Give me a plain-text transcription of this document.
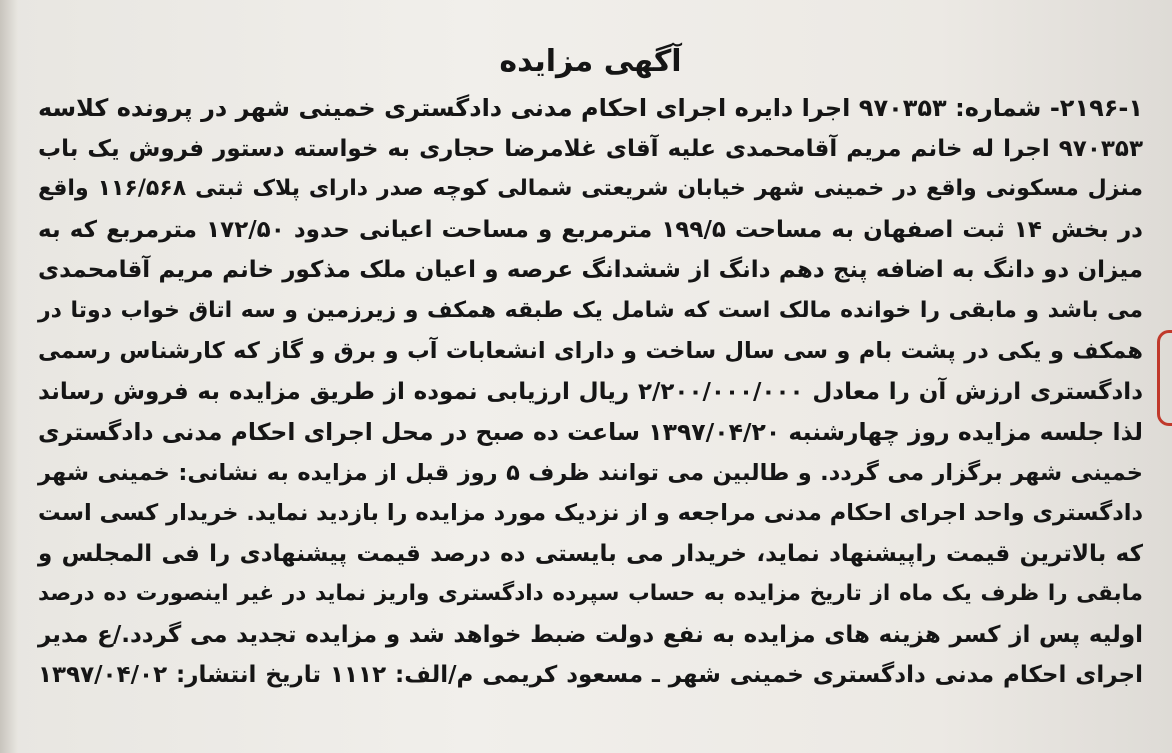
آگهی مزایده
۲۱۹۶-۱- شماره: ۹۷۰۳۵۳ اجرا دایره اجرای احکام مدنی دادگستری خمینی شهر در پرونده کلاسه
۹۷۰۳۵۳ اجرا له خانم مریم آقامحمدی علیه آقای غلامرضا حجاری به خواسته دستور فروش یک باب
منزل مسکونی واقع در خمینی شهر خیابان شریعتی شمالی کوچه صدر دارای پلاک ثبتی ۱۱۶/۵۶۸ واقع
در بخش ۱۴ ثبت اصفهان به مساحت ۱۹۹/۵ مترمربع و مساحت اعیانی حدود ۱۷۲/۵۰ مترمربع که به
میزان دو دانگ به اضافه پنج دهم دانگ از ششدانگ عرصه و اعیان ملک مذکور خانم مریم آقامحمدی
می باشد و مابقی را خوانده مالک است که شامل یک طبقه همکف و زیرزمین و سه اتاق خواب دوتا در
همکف و یکی در پشت بام و سی سال ساخت و دارای انشعابات آب و برق و گاز که کارشناس رسمی
دادگستری ارزش آن را معادل ۲/۲۰۰/۰۰۰/۰۰۰ ریال ارزیابی نموده از طریق مزایده به فروش رساند
لذا جلسه مزایده روز چهارشنبه ۱۳۹۷/۰۴/۲۰ ساعت ده صبح در محل اجرای احکام مدنی دادگستری
خمینی شهر برگزار می گردد. و طالبین می توانند ظرف ۵ روز قبل از مزایده به نشانی: خمینی شهر
دادگستری واحد اجرای احکام مدنی مراجعه و از نزدیک مورد مزایده را بازدید نماید. خریدار کسی است
که بالاترین قیمت راپیشنهاد نماید، خریدار می بایستی ده درصد قیمت پیشنهادی را فی المجلس و
مابقی را ظرف یک ماه از تاریخ مزایده به حساب سپرده دادگستری واریز نماید در غیر اینصورت ده درصد
اولیه پس از کسر هزینه های مزایده به نفع دولت ضبط خواهد شد و مزایده تجدید می گردد./ع مدیر
اجرای احکام مدنی دادگستری خمینی شهر ـ مسعود کریمی م/الف: ۱۱۱۲ تاریخ انتشار: ۱۳۹۷/۰۴/۰۲
